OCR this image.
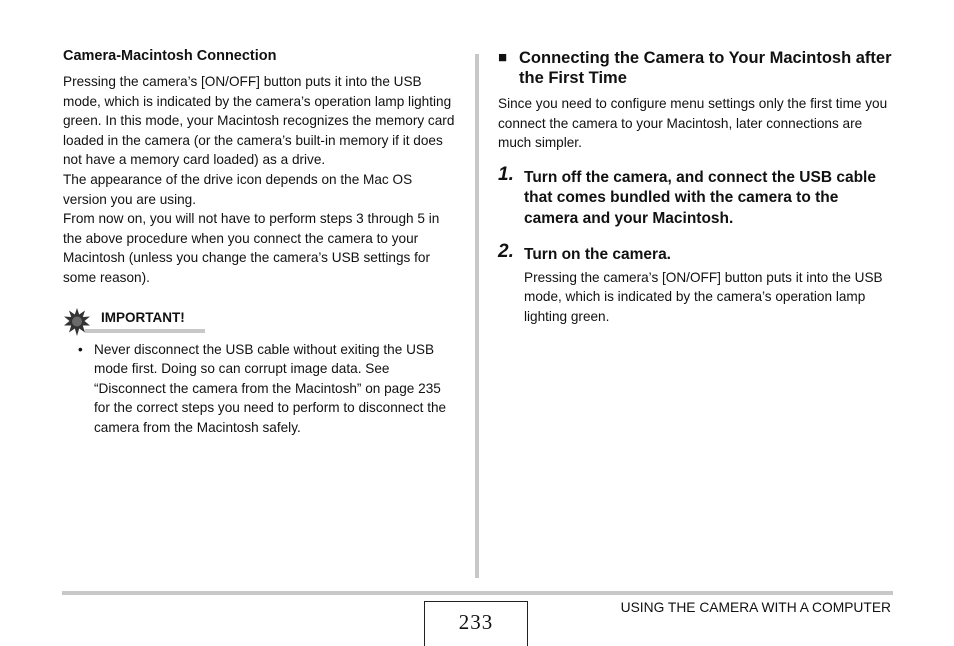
Camera-Macintosh Connection

Pressing the camera’s [ON/OFF] button puts it into the USB mode, which is indicated by the camera’s operation lamp lighting green. In this mode, your Macintosh recognizes the memory card loaded in the camera (or the camera’s built-in memory if it does not have a memory card loaded) as a drive.

The appearance of the drive icon depends on the Mac OS version you are using.

From now on, you will not have to perform steps 3 through 5 in the above procedure when you connect the camera to your Macintosh (unless you change the camera’s USB settings for some reason).

IMPORTANT!
• Never disconnect the USB cable without exiting the USB mode first. Doing so can corrupt image data. See “Disconnect the camera from the Macintosh” on page 235 for the correct steps you need to perform to disconnect the camera from the Macintosh safely.
■ Connecting the Camera to Your Macintosh after the First Time
Since you need to configure menu settings only the first time you connect the camera to your Macintosh, later connections are much simpler.
1. Turn off the camera, and connect the USB cable that comes bundled with the camera to the camera and your Macintosh.
2. Turn on the camera.
Pressing the camera’s [ON/OFF] button puts it into the USB mode, which is indicated by the camera’s operation lamp lighting green.
233
USING THE CAMERA WITH A COMPUTER
